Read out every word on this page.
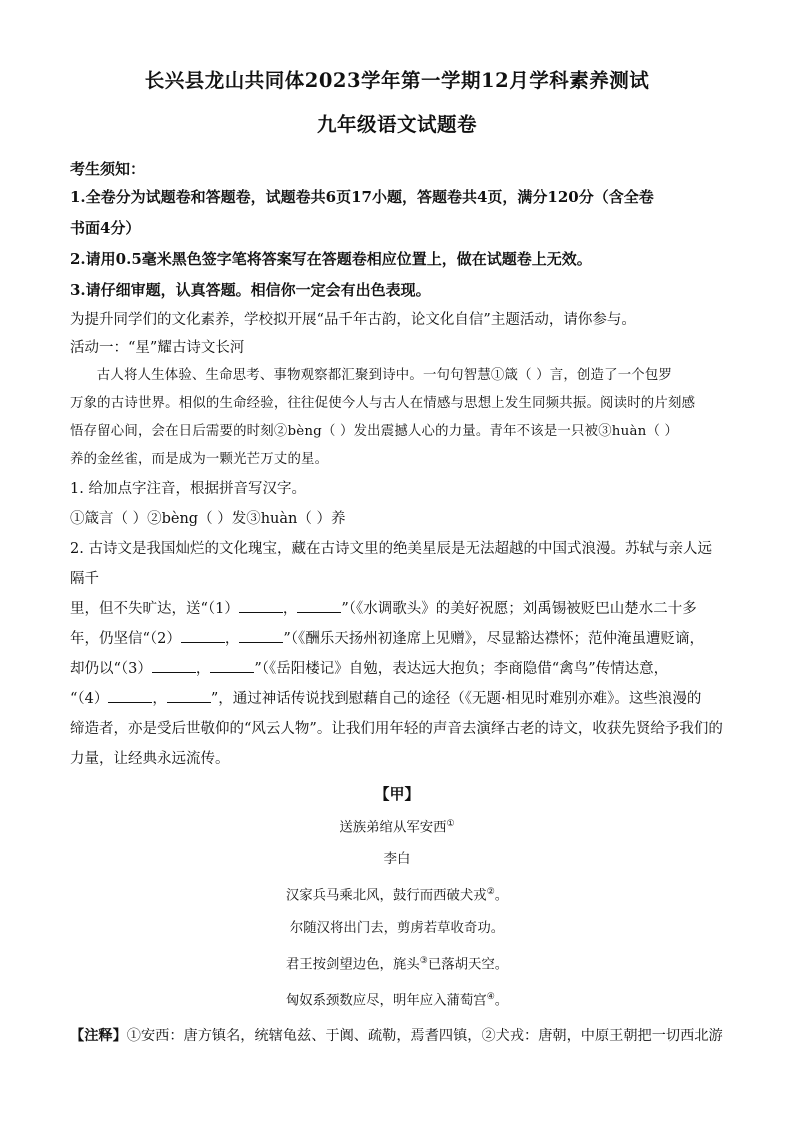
长兴县龙山共同体2023学年第一学期12月学科素养测试
九年级语文试题卷
考生须知：
1.全卷分为试题卷和答题卷，试题卷共6页17小题，答题卷共4页，满分120分（含全卷
书面4分）
2.请用0.5毫米黑色签字笔将答案写在答题卷相应位置上，做在试题卷上无效。
3.请仔细审题，认真答题。相信你一定会有出色表现。
为提升同学们的文化素养，学校拟开展“品千年古韵，论文化自信”主题活动，请你参与。
活动一：“星”耀古诗文长河
古人将人生体验、生命思考、事物观察都汇聚到诗中。一句句智慧①箴（ ）言，创造了一个包罗
万象的古诗世界。相似的生命经验，往往促使今人与古人在情感与思想上发生同频共振。阅读时的片刻感
悟存留心间，会在日后需要的时刻②bèng（ ）发出震撼人心的力量。青年不该是一只被③huàn（ ）
养的金丝雀，而是成为一颗光芒万丈的星。
1. 给加点字注音，根据拼音写汉字。
①箴言（ ）②bèng（ ）发③huàn（ ）养
2. 古诗文是我国灿烂的文化瑰宝，藏在古诗文里的绝美星辰是无法超越的中国式浪漫。苏轼与亲人远隔千
里，但不失旷达，送“（1）	，	”（《水调歌头》的美好祝愿；刘禹锡被贬巴山楚水二十多
年，仍坚信“（2）	，	”（《酬乐天扬州初逢席上见赠》，尽显豁达襟怀；范仲淹虽遭贬谪，
却仍以“（3）	，	”（《岳阳楼记》自勉，表达远大抱负；李商隐借“禽鸟”传情达意，
“（4）	，	”，通过神话传说找到慰藉自己的途径（《无题·相见时难别亦难》。这些浪漫的
缔造者，亦是受后世敬仰的“风云人物”。让我们用年轻的声音去演绎古老的诗文，收获先贤给予我们的
力量，让经典永远流传。
【甲】
送族弟绾从军安西①
李白
汉家兵马乘北风，鼓行而西破犬戎②。
尔随汉将出门去，剪虏若草收奇功。
君王按剑望边色，旄头③已落胡天空。
匈奴系颈数应尽，明年应入蒲萄宫④。
【注释】①安西：唐方镇名，统辖龟兹、于阗、疏勒，焉耆四镇，②犬戎：唐朝，中原王朝把一切西北游
